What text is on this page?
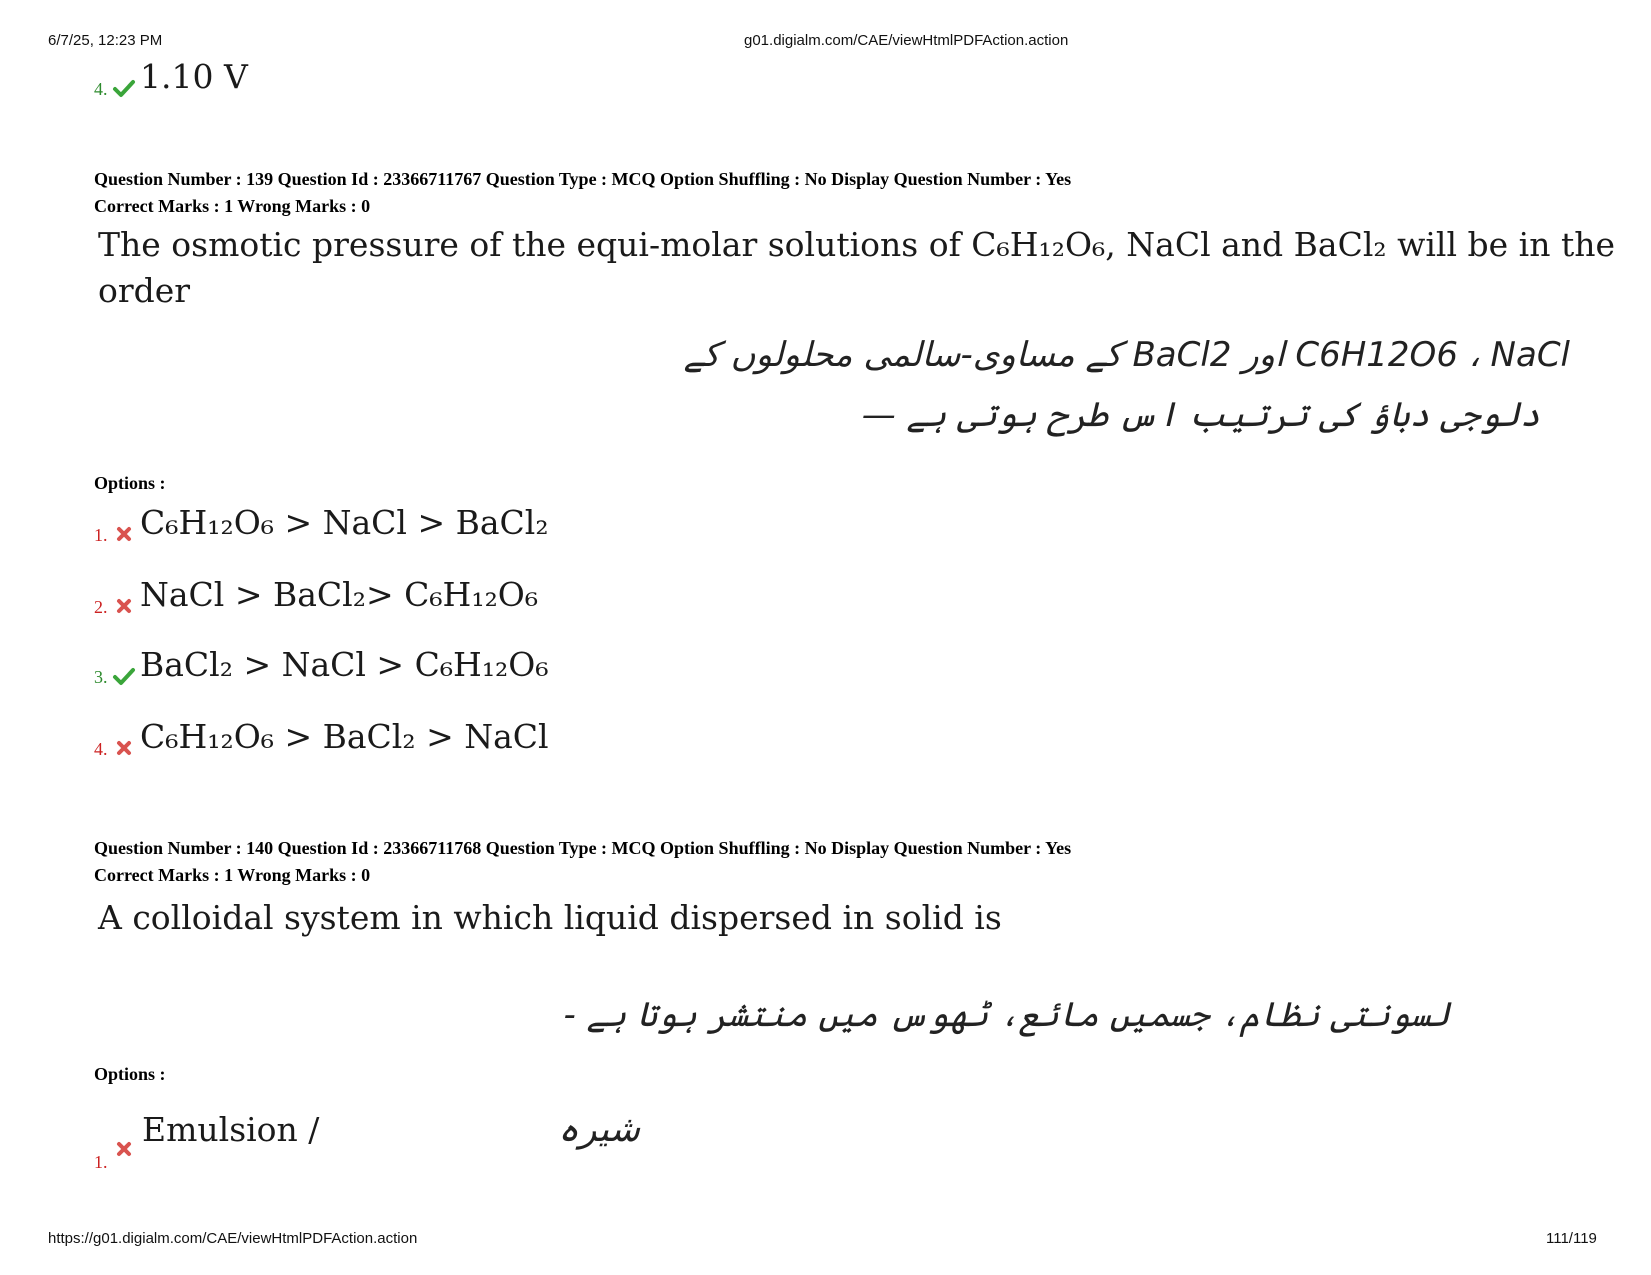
6/7/25, 12:23 PM	g01.digialm.com/CAE/viewHtmlPDFAction.action
4. 1.10 V
Question Number : 139 Question Id : 23366711767 Question Type : MCQ Option Shuffling : No Display Question Number : Yes
Correct Marks : 1 Wrong Marks : 0
The osmotic pressure of the equi-molar solutions of C₆H₁₂O₆, NaCl and BaCl₂ will be in the
order
C6H12O6 ، NaCl اور BaCl2 کے مساوی-سالمی محلولوں کے
دلوجی دباؤ کی ترتیب اس طرح ہوتی ہے —
Options :
1. C₆H₁₂O₆ > NaCl > BaCl₂
2. NaCl > BaCl₂> C₆H₁₂O₆
3. BaCl₂ > NaCl > C₆H₁₂O₆
4. C₆H₁₂O₆ > BaCl₂ > NaCl
Question Number : 140 Question Id : 23366711768 Question Type : MCQ Option Shuffling : No Display Question Number : Yes
Correct Marks : 1 Wrong Marks : 0
A colloidal system in which liquid dispersed in solid is
لسونتی نظام، جسمیں مائع، ٹھوس میں منتشر ہوتا ہے -
Options :
Emulsion /	شیرہ
1.
https://g01.digialm.com/CAE/viewHtmlPDFAction.action	111/119
